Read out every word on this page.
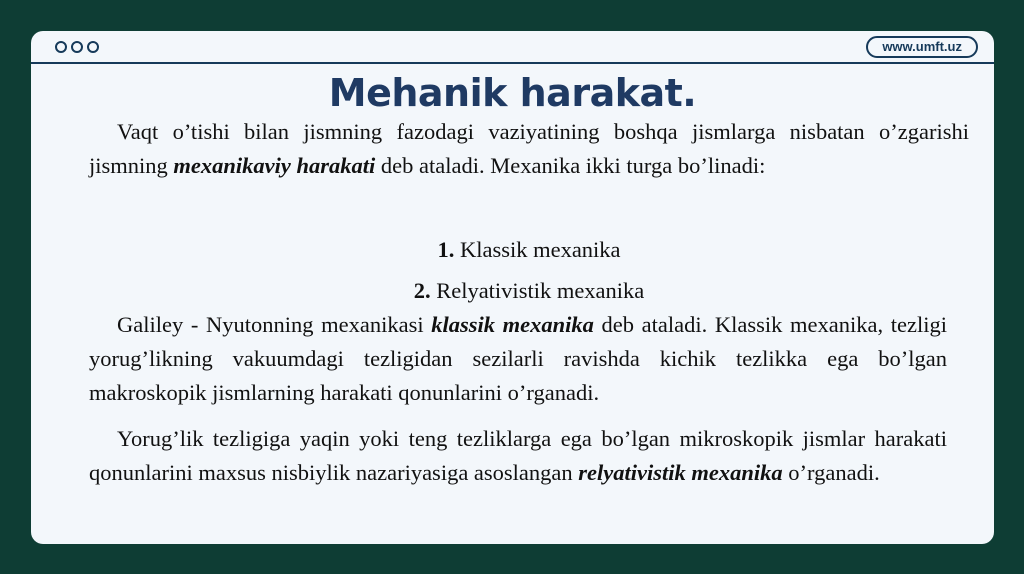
www.umft.uz
Mehanik harakat.

Vaqt o’tishi bilan jismning fazodagi vaziyatining boshqa jismlarga nisbatan o’zgarishi jismning mexanikaviy harakati deb ataladi. Mexanika ikki turga bo’linadi:

1. Klassik mexanika

2. Relyativistik mexanika

Galiley - Nyutonning mexanikasi klassik mexanika deb ataladi. Klassik mexanika, tezligi yorug’likning vakuumdagi tezligidan sezilarli ravishda kichik tezlikka ega bo’lgan makroskopik jismlarning harakati qonunlarini o’rganadi.

Yorug’lik tezligiga yaqin yoki teng tezliklarga ega bo’lgan mikroskopik jismlar harakati qonunlarini maxsus nisbiylik nazariyasiga asoslangan relyativistik mexanika o’rganadi.
